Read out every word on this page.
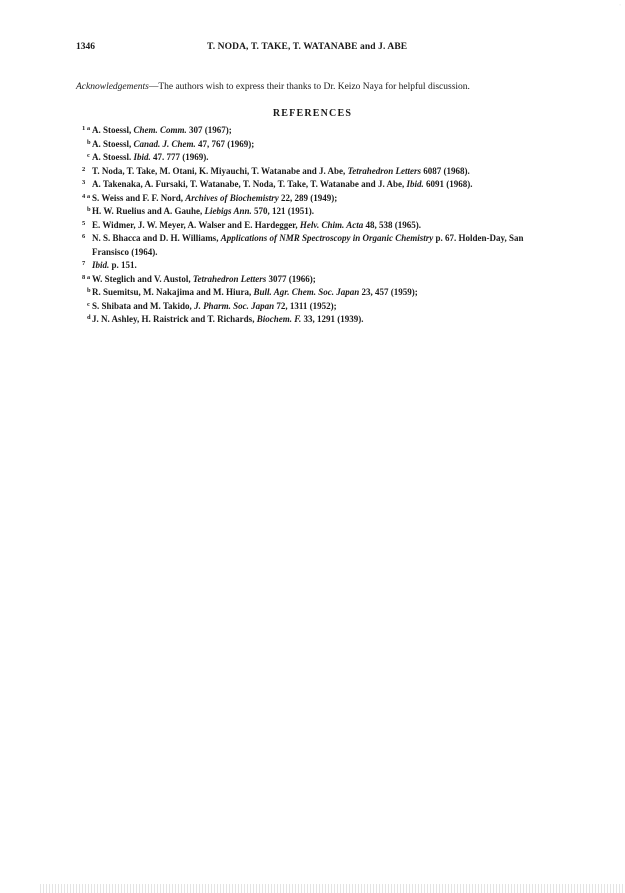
‧
1346	T. NODA, T. TAKE, T. WATANABE and J. ABE
Acknowledgements—The authors wish to express their thanks to Dr. Keizo Naya for helpful discussion.
REFERENCES
1 a A. Stoessl, Chem. Comm. 307 (1967);
b A. Stoessl, Canad. J. Chem. 47, 767 (1969);
c A. Stoessl. Ibid. 47. 777 (1969).
2 T. Noda, T. Take, M. Otani, K. Miyauchi, T. Watanabe and J. Abe, Tetrahedron Letters 6087 (1968).
3 A. Takenaka, A. Fursaki, T. Watanabe, T. Noda, T. Take, T. Watanabe and J. Abe, Ibid. 6091 (1968).
4 a S. Weiss and F. F. Nord, Archives of Biochemistry 22, 289 (1949);
b H. W. Ruelius and A. Gauhe, Liebigs Ann. 570, 121 (1951).
5 E. Widmer, J. W. Meyer, A. Walser and E. Hardegger, Helv. Chim. Acta 48, 538 (1965).
6 N. S. Bhacca and D. H. Williams, Applications of NMR Spectroscopy in Organic Chemistry p. 67. Holden-Day, San Fransisco (1964).
7 Ibid. p. 151.
8 a W. Steglich and V. Austol, Tetrahedron Letters 3077 (1966);
b R. Suemitsu, M. Nakajima and M. Hiura, Bull. Agr. Chem. Soc. Japan 23, 457 (1959);
c S. Shibata and M. Takido, J. Pharm. Soc. Japan 72, 1311 (1952);
d J. N. Ashley, H. Raistrick and T. Richards, Biochem. F. 33, 1291 (1939).
